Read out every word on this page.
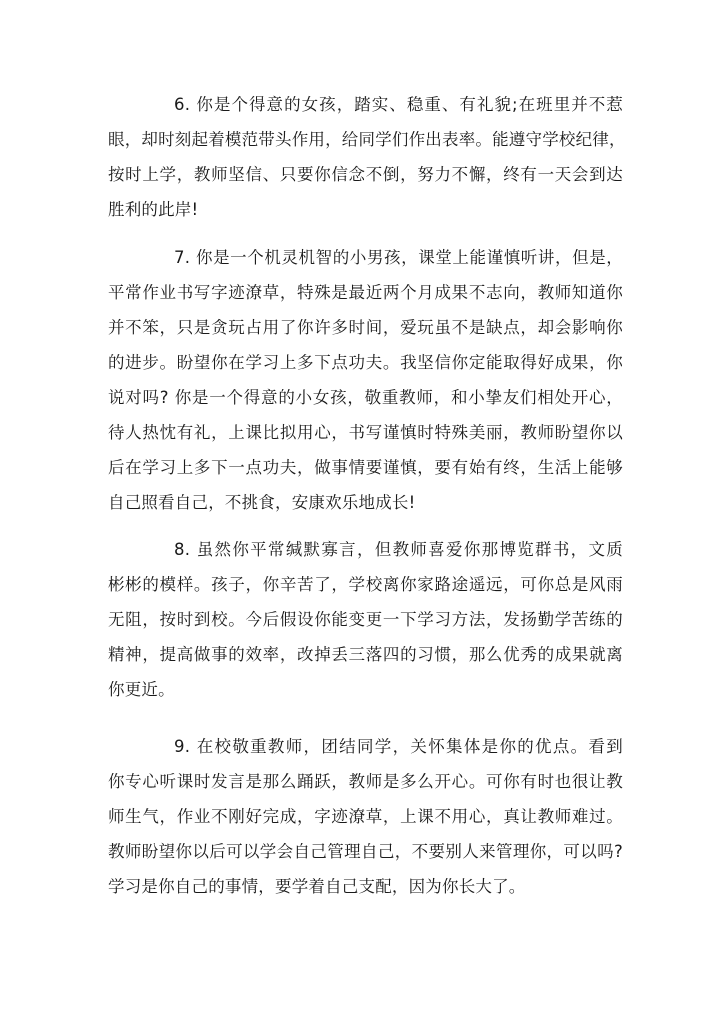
6. 你是个得意的女孩，踏实、稳重、有礼貌;在班里并不惹
眼，却时刻起着模范带头作用，给同学们作出表率。能遵守学校纪律，
按时上学，教师坚信、只要你信念不倒，努力不懈，终有一天会到达
胜利的此岸!
7. 你是一个机灵机智的小男孩，课堂上能谨慎听讲，但是，
平常作业书写字迹潦草，特殊是最近两个月成果不志向，教师知道你
并不笨，只是贪玩占用了你许多时间，爱玩虽不是缺点，却会影响你
的进步。盼望你在学习上多下点功夫。我坚信你定能取得好成果，你
说对吗? 你是一个得意的小女孩，敬重教师，和小挚友们相处开心，
待人热忱有礼，上课比拟用心，书写谨慎时特殊美丽，教师盼望你以
后在学习上多下一点功夫，做事情要谨慎，要有始有终，生活上能够
自己照看自己，不挑食，安康欢乐地成长!
8. 虽然你平常缄默寡言，但教师喜爱你那博览群书，文质
彬彬的模样。孩子，你辛苦了，学校离你家路途遥远，可你总是风雨
无阻，按时到校。今后假设你能变更一下学习方法，发扬勤学苦练的
精神，提高做事的效率，改掉丢三落四的习惯，那么优秀的成果就离
你更近。
9. 在校敬重教师，团结同学，关怀集体是你的优点。看到
你专心听课时发言是那么踊跃，教师是多么开心。可你有时也很让教
师生气，作业不刚好完成，字迹潦草，上课不用心，真让教师难过。
教师盼望你以后可以学会自己管理自己，不要别人来管理你，可以吗?
学习是你自己的事情，要学着自己支配，因为你长大了。
